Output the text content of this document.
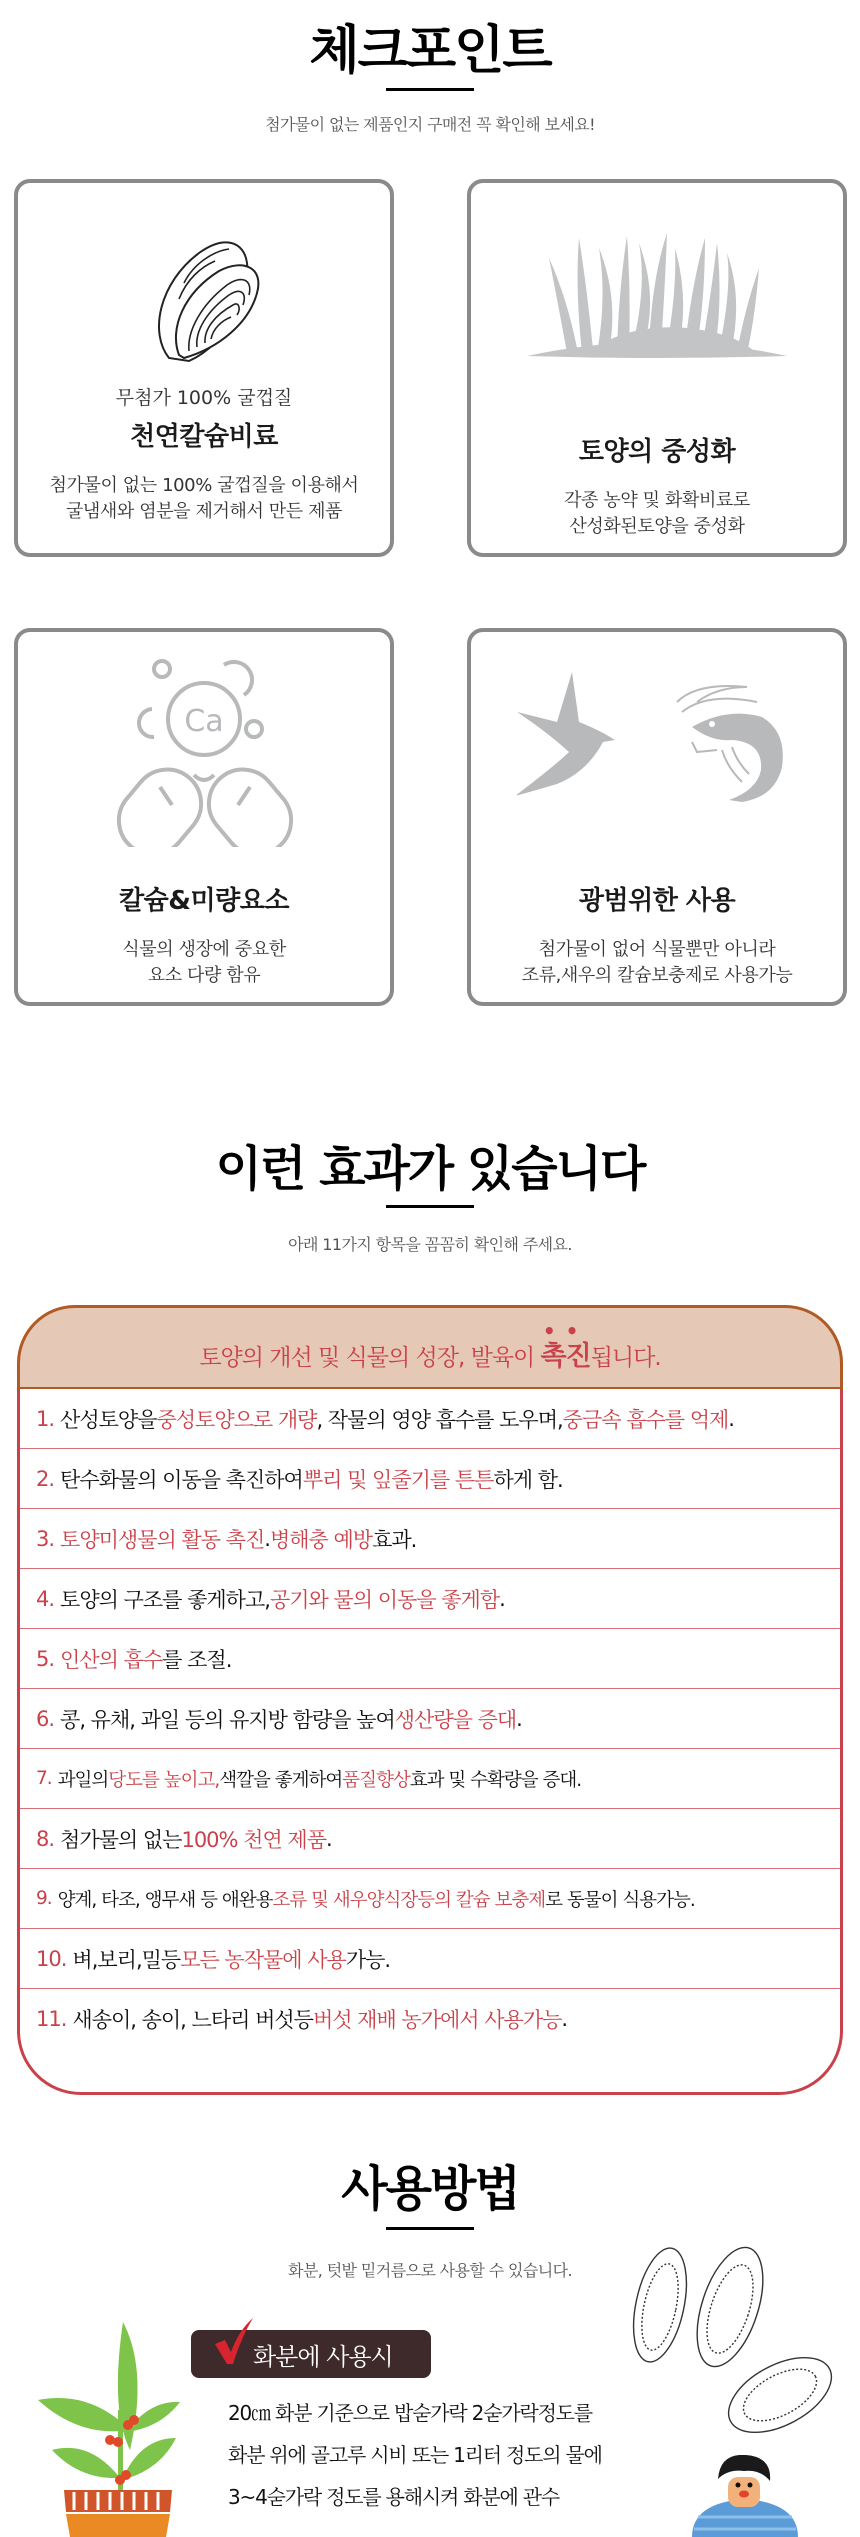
체크포인트

첨가물이 없는 제품인지 구매전 꼭 확인해 보세요!

무첨가 100% 굴껍질
천연칼슘비료
첨가물이 없는 100% 굴껍질을 이용해서
굴냄새와 염분을 제거해서 만든 제품
토양의 중성화
각종 농약 및 화확비료로
산성화된토양을 중성화
Ca
칼슘&미량요소
식물의 생장에 중요한
요소 다량 함유
광범위한 사용
첨가물이 없어 식물뿐만 아니라
조류,새우의 칼슘보충제로 사용가능
이런 효과가 있습니다

아래 11가지 항목을 꼼꼼히 확인해 주세요.

토양의 개선 및 식물의 성장, 발육이
••
촉진됩니다.
1. 산성토양을 중성토양으로 개량 , 작물의 영양 흡수를 도우며, 중금속 흡수를 억제 .
2. 탄수화물의 이동을 촉진하여 뿌리 및 잎줄기를 튼튼 하게 함.
3. 토양미생물의 활동 촉진 . 병해충 예방 효과.
4. 토양의 구조를 좋게하고, 공기와 물의 이동을 좋게함 .
5. 인산의 흡수 를 조절.
6. 콩, 유채, 과일 등의 유지방 함량을 높여 생산량을 증대 .
7. 과일의 당도를 높이고, 색깔을 좋게하여 품질향상 효과 및 수확량을 증대.
8. 첨가물의 없는 100% 천연 제품 .
9. 양계, 타조, 앵무새 등 애완용 조류 및 새우양식장등의 칼슘 보충제 로 동물이 식용가능.
10. 벼,보리,밀등 모든 농작물에 사용 가능.
11. 새송이, 송이, 느타리 버섯등 버섯 재배 농가에서 사용가능 .
사용방법

화분, 텃밭 밑거름으로 사용할 수 있습니다.

화분에 사용시
20㎝ 화분 기준으로 밥숟가락 2숟가락정도를
화분 위에 골고루 시비 또는 1리터 정도의 물에
3~4숟가락 정도를 용해시켜 화분에 관수
